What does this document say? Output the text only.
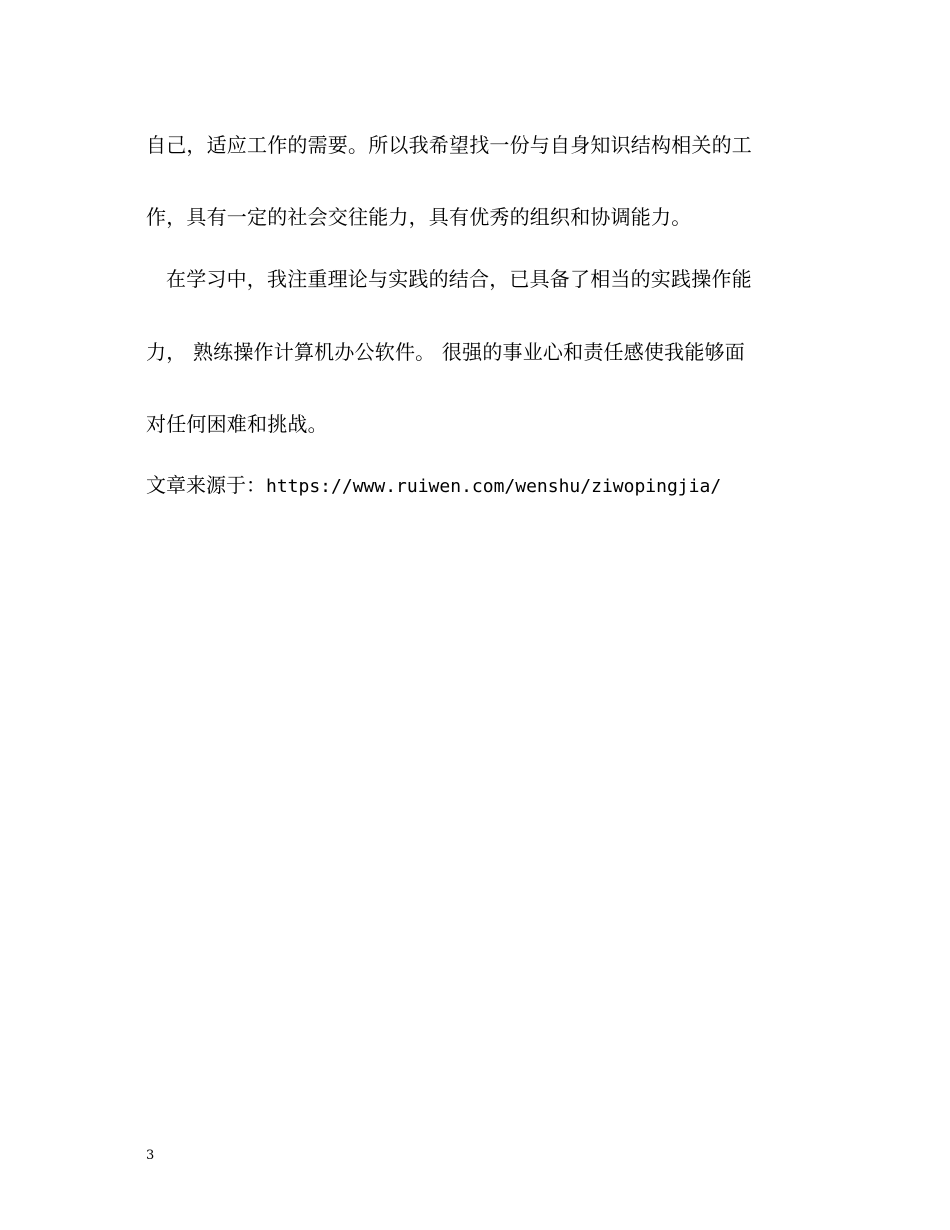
自己，适应工作的需要。所以我希望找一份与自身知识结构相关的工
作，具有一定的社会交往能力，具有优秀的组织和协调能力。
在学习中，我注重理论与实践的结合，已具备了相当的实践操作能
力， 熟练操作计算机办公软件。 很强的事业心和责任感使我能够面
对任何困难和挑战。
文章来源于：https://www.ruiwen.com/wenshu/ziwopingjia/
3
